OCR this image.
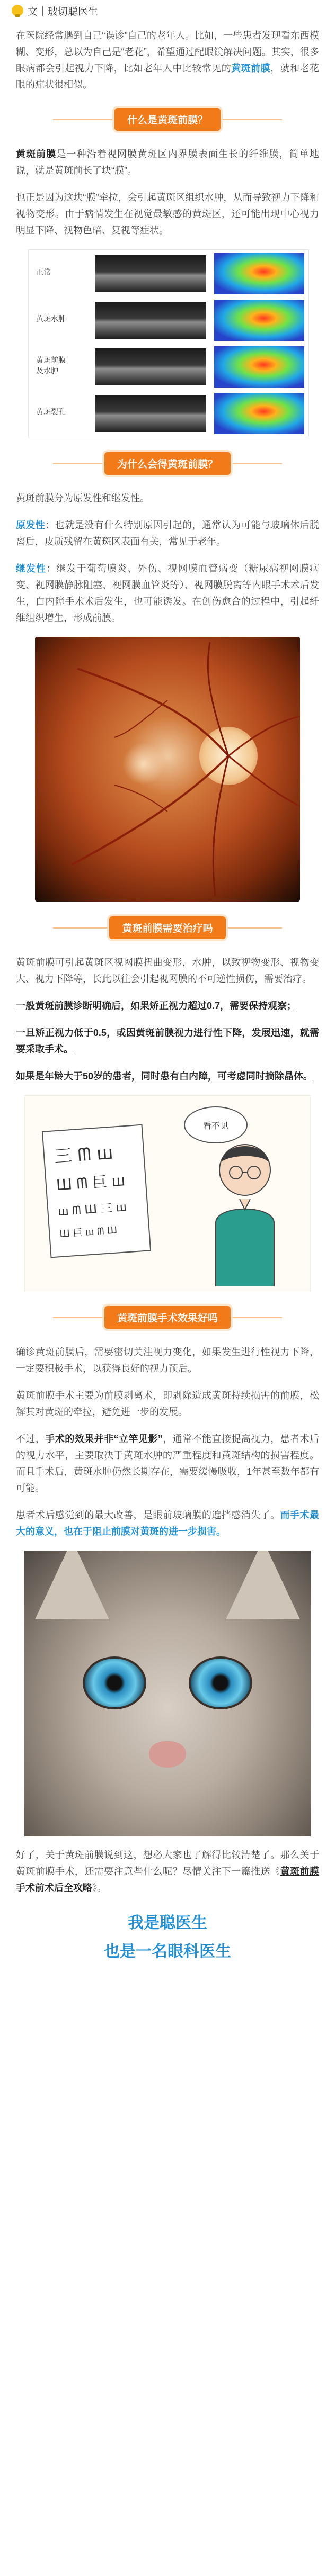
文｜玻切聪医生
在医院经常遇到自己“误诊”自己的老年人。比如，一些患者发现看东西模糊、变形，总以为自己是“老花”，希望通过配眼镜解决问题。其实，很多眼病都会引起视力下降，比如老年人中比较常见的黄斑前膜，就和老花眼的症状很相似。
什么是黄斑前膜？
黄斑前膜是一种沿着视网膜黄斑区内界膜表面生长的纤维膜，简单地说，就是黄斑前长了块“膜”。
也正是因为这块“膜”牵拉，会引起黄斑区组织水肿，从而导致视力下降和视物变形。由于病情发生在视觉最敏感的黄斑区，还可能出现中心视力明显下降、视物色暗、复视等症状。
正常
黄斑水肿
黄斑前膜
及水肿
黄斑裂孔
为什么会得黄斑前膜？
黄斑前膜分为原发性和继发性。
原发性：也就是没有什么特别原因引起的，通常认为可能与玻璃体后脱离后，皮质残留在黄斑区表面有关，常见于老年。
继发性：继发于葡萄膜炎、外伤、视网膜血管病变（糖尿病视网膜病变、视网膜静脉阻塞、视网膜血管炎等）、视网膜脱离等内眼手术术后发生，白内障手术术后发生，也可能诱发。在创伤愈合的过程中，引起纤维组织增生，形成前膜。
黄斑前膜需要治疗吗
黄斑前膜可引起黄斑区视网膜扭曲变形，水肿，以致视物变形、视物变大、视力下降等，长此以往会引起视网膜的不可逆性损伤，需要治疗。
一般黄斑前膜诊断明确后，如果矫正视力超过0.7，需要保持观察；
一旦矫正视力低于0.5，或因黄斑前膜视力进行性下降，发展迅速，就需要采取手术。
如果是年龄大于50岁的患者，同时患有白内障，可考虑同时摘除晶体。
三 ᗰ ш
Ш ᗰ 巨 ш
ш ᗰ Ш 三 ш
Ш 巨 ш ᗰ Ш
看不见
黄斑前膜手术效果好吗
确诊黄斑前膜后，需要密切关注视力变化，如果发生进行性视力下降，一定要积极手术，以获得良好的视力预后。
黄斑前膜手术主要为前膜剥离术，即剥除造成黄斑持续损害的前膜，松解其对黄斑的牵拉，避免进一步的发展。
不过，手术的效果并非“立竿见影”，通常不能直接提高视力，患者术后的视力水平，主要取决于黄斑水肿的严重程度和黄斑结构的损害程度。而且手术后，黄斑水肿仍然长期存在，需要缓慢吸收，1年甚至数年都有可能。
患者术后感觉到的最大改善，是眼前玻璃膜的遮挡感消失了。而手术最大的意义，也在于阻止前膜对黄斑的进一步损害。
好了，关于黄斑前膜说到这，想必大家也了解得比较清楚了。那么关于黄斑前膜手术，还需要注意些什么呢？尽情关注下一篇推送《黄斑前膜手术前术后全攻略》。
我是聪医生
也是一名眼科医生
